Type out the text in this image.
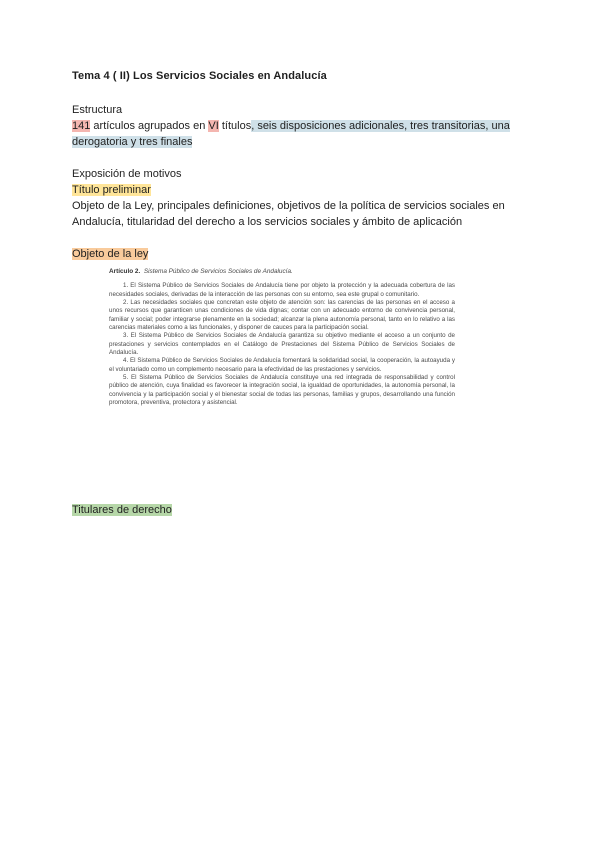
Tema 4 ( II) Los Servicios Sociales en Andalucía

Estructura

141 artículos agrupados en VI títulos, seis disposiciones adicionales, tres transitorias, una derogatoria y tres finales

Exposición de motivos

Título preliminar

Objeto de la Ley, principales definiciones, objetivos de la política de servicios sociales en Andalucía, titularidad del derecho a los servicios sociales y ámbito de aplicación

Objeto de la ley

Artículo 2. Sistema Público de Servicios Sociales de Andalucía.

1. El Sistema Público de Servicios Sociales de Andalucía tiene por objeto la protección y la adecuada cobertura de las necesidades sociales, derivadas de la interacción de las personas con su entorno, sea este grupal o comunitario.

2. Las necesidades sociales que concretan este objeto de atención son: las carencias de las personas en el acceso a unos recursos que garanticen unas condiciones de vida dignas; contar con un adecuado entorno de convivencia personal, familiar y social; poder integrarse plenamente en la sociedad; alcanzar la plena autonomía personal, tanto en lo relativo a las carencias materiales como a las funcionales, y disponer de cauces para la participación social.

3. El Sistema Público de Servicios Sociales de Andalucía garantiza su objetivo mediante el acceso a un conjunto de prestaciones y servicios contemplados en el Catálogo de Prestaciones del Sistema Público de Servicios Sociales de Andalucía.

4. El Sistema Público de Servicios Sociales de Andalucía fomentará la solidaridad social, la cooperación, la autoayuda y el voluntariado como un complemento necesario para la efectividad de las prestaciones y servicios.

5. El Sistema Público de Servicios Sociales de Andalucía constituye una red integrada de responsabilidad y control público de atención, cuya finalidad es favorecer la integración social, la igualdad de oportunidades, la autonomía personal, la convivencia y la participación social y el bienestar social de todas las personas, familias y grupos, desarrollando una función promotora, preventiva, protectora y asistencial.

Titulares de derecho
